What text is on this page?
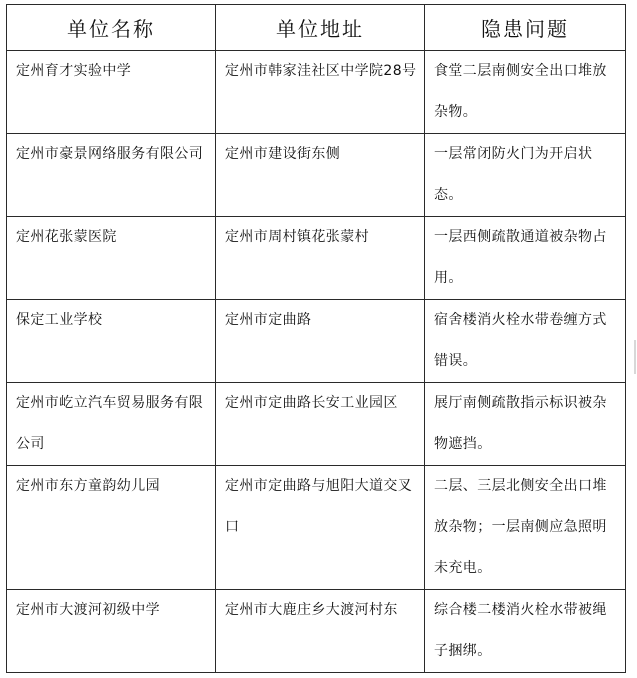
单位名称	单位地址	隐患问题
定州育才实验中学	定州市韩家洼社区中学院28号	食堂二层南侧安全出口堆放杂物。
定州市豪景网络服务有限公司	定州市建设街东侧	一层常闭防火门为开启状态。
定州花张蒙医院	定州市周村镇花张蒙村	一层西侧疏散通道被杂物占用。
保定工业学校	定州市定曲路	宿舍楼消火栓水带卷缠方式错误。
定州市屹立汽车贸易服务有限公司	定州市定曲路长安工业园区	展厅南侧疏散指示标识被杂物遮挡。
定州市东方童韵幼儿园	定州市定曲路与旭阳大道交叉口	二层、三层北侧安全出口堆放杂物；一层南侧应急照明未充电。
定州市大渡河初级中学	定州市大鹿庄乡大渡河村东	综合楼二楼消火栓水带被绳子捆绑。
